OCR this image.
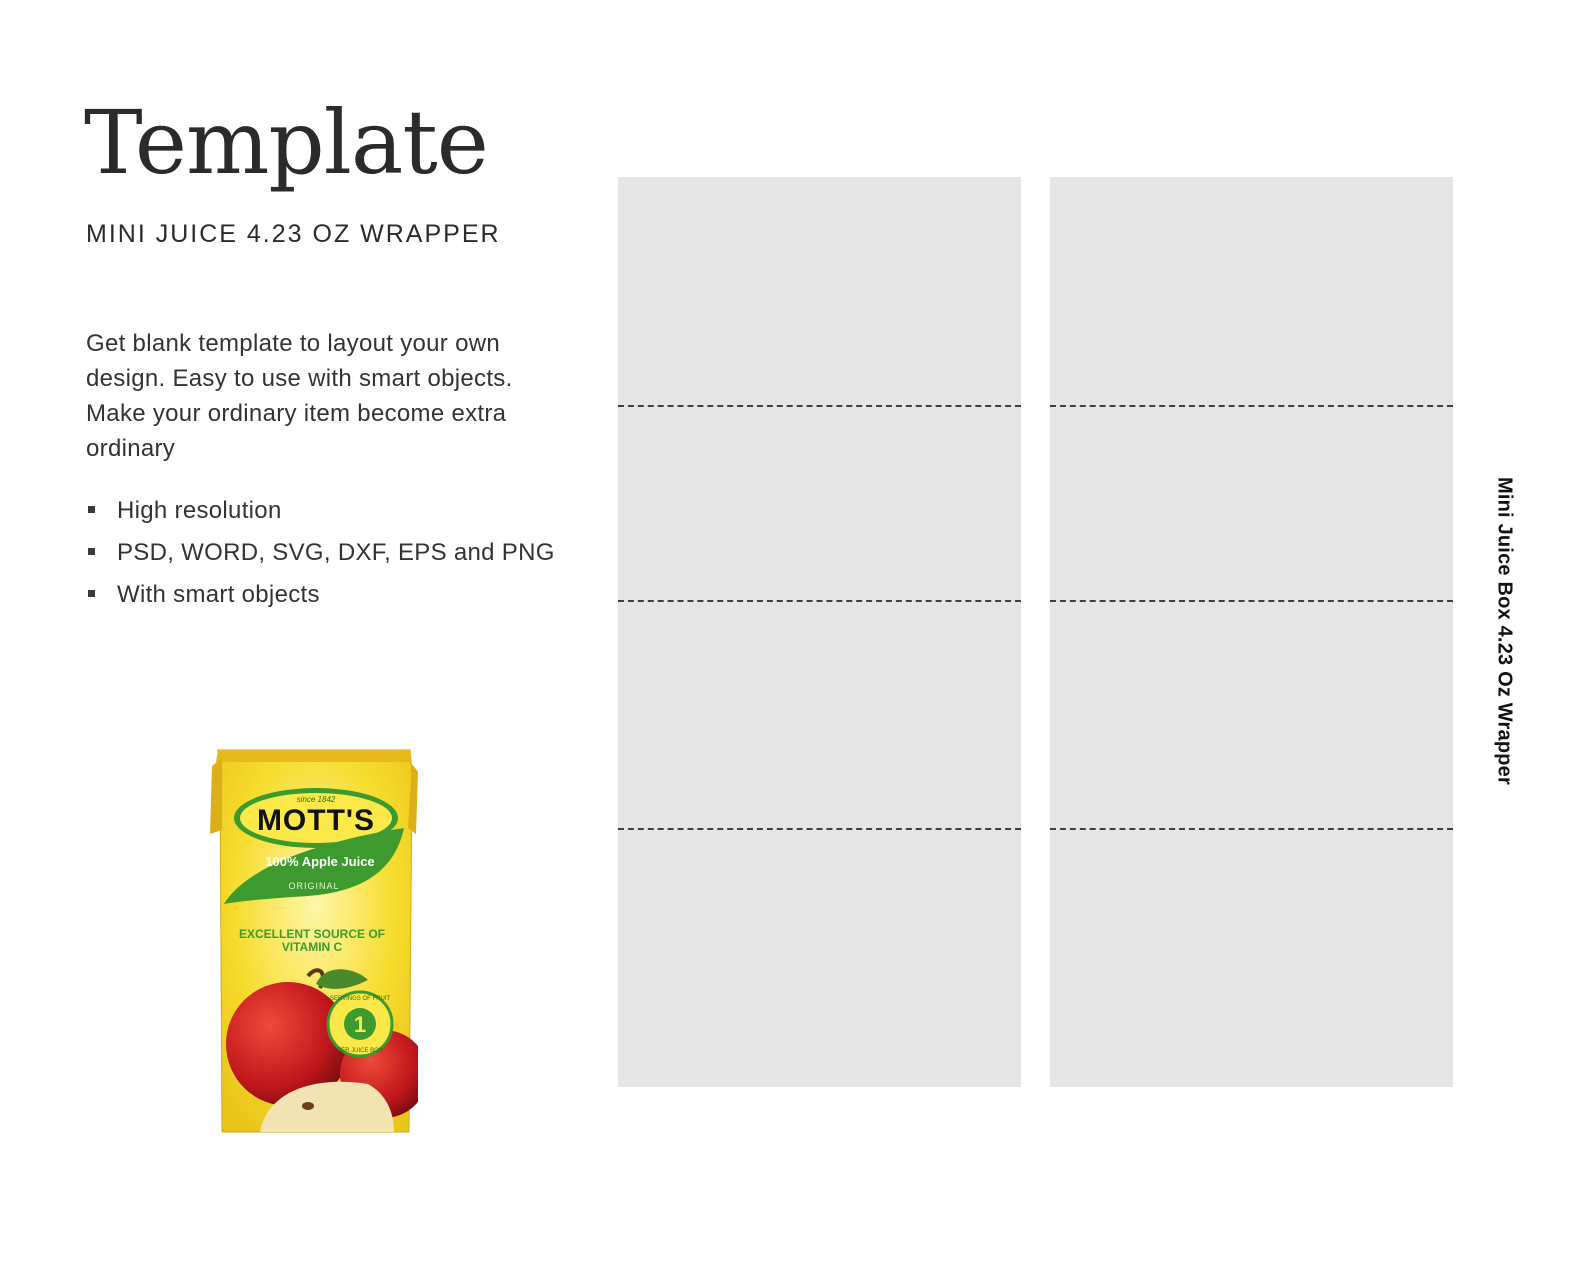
Template
MINI JUICE 4.23 OZ WRAPPER

Get blank template to layout your own design. Easy to use with smart objects. Make your ordinary item become extra ordinary

High resolution
PSD, WORD, SVG, DXF, EPS and PNG
With smart objects
since 1842
MOTT'S
100% Apple Juice
ORIGINAL
EXCELLENT SOURCE OF
VITAMIN C
1
SERVINGS OF FRUIT
PER JUICE BOX
Mini Juice Box 4.23 Oz Wrapper
